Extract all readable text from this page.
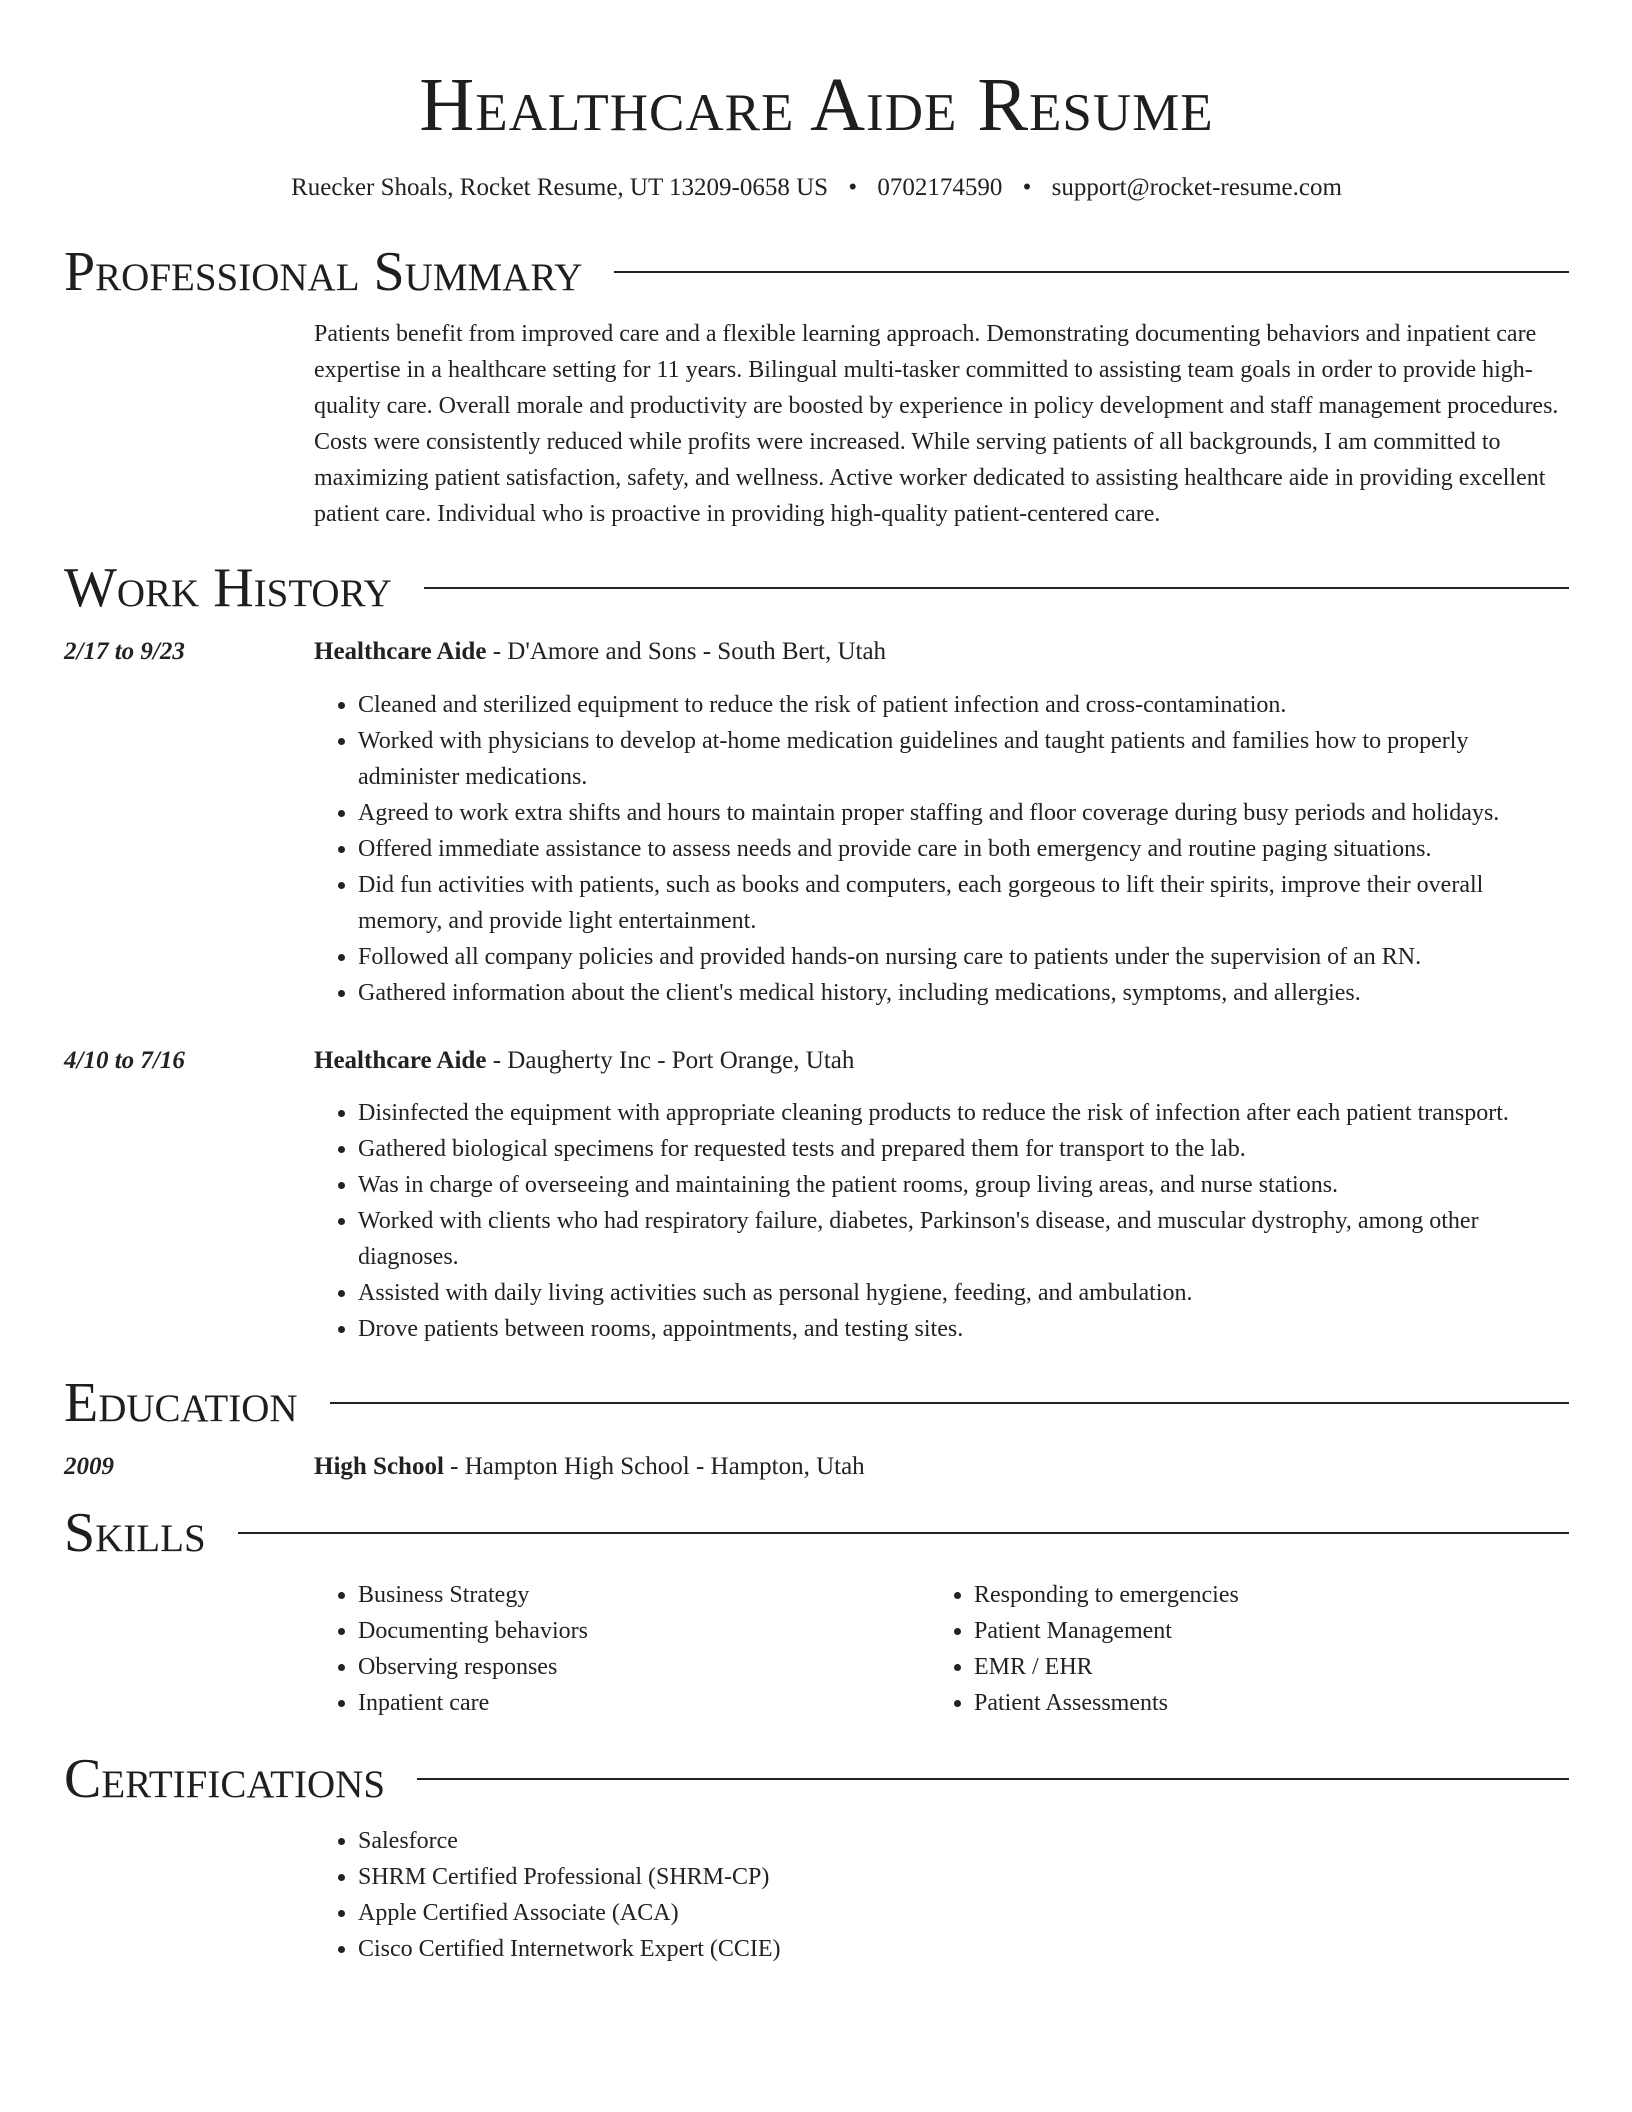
Healthcare Aide Resume
Ruecker Shoals, Rocket Resume, UT 13209-0658 US • 0702174590 • support@rocket-resume.com
Professional Summary
Patients benefit from improved care and a flexible learning approach. Demonstrating documenting behaviors and inpatient care expertise in a healthcare setting for 11 years. Bilingual multi-tasker committed to assisting team goals in order to provide high-quality care. Overall morale and productivity are boosted by experience in policy development and staff management procedures. Costs were consistently reduced while profits were increased. While serving patients of all backgrounds, I am committed to maximizing patient satisfaction, safety, and wellness. Active worker dedicated to assisting healthcare aide in providing excellent patient care. Individual who is proactive in providing high-quality patient-centered care.
Work History
2/17 to 9/23	Healthcare Aide - D'Amore and Sons - South Bert, Utah
• Cleaned and sterilized equipment to reduce the risk of patient infection and cross-contamination.
• Worked with physicians to develop at-home medication guidelines and taught patients and families how to properly administer medications.
• Agreed to work extra shifts and hours to maintain proper staffing and floor coverage during busy periods and holidays.
• Offered immediate assistance to assess needs and provide care in both emergency and routine paging situations.
• Did fun activities with patients, such as books and computers, each gorgeous to lift their spirits, improve their overall memory, and provide light entertainment.
• Followed all company policies and provided hands-on nursing care to patients under the supervision of an RN.
• Gathered information about the client's medical history, including medications, symptoms, and allergies.
4/10 to 7/16	Healthcare Aide - Daugherty Inc - Port Orange, Utah
• Disinfected the equipment with appropriate cleaning products to reduce the risk of infection after each patient transport.
• Gathered biological specimens for requested tests and prepared them for transport to the lab.
• Was in charge of overseeing and maintaining the patient rooms, group living areas, and nurse stations.
• Worked with clients who had respiratory failure, diabetes, Parkinson's disease, and muscular dystrophy, among other diagnoses.
• Assisted with daily living activities such as personal hygiene, feeding, and ambulation.
• Drove patients between rooms, appointments, and testing sites.
Education
2009	High School - Hampton High School - Hampton, Utah
Skills
• Business Strategy
• Documenting behaviors
• Observing responses
• Inpatient care
• Responding to emergencies
• Patient Management
• EMR / EHR
• Patient Assessments
Certifications
• Salesforce
• SHRM Certified Professional (SHRM-CP)
• Apple Certified Associate (ACA)
• Cisco Certified Internetwork Expert (CCIE)
